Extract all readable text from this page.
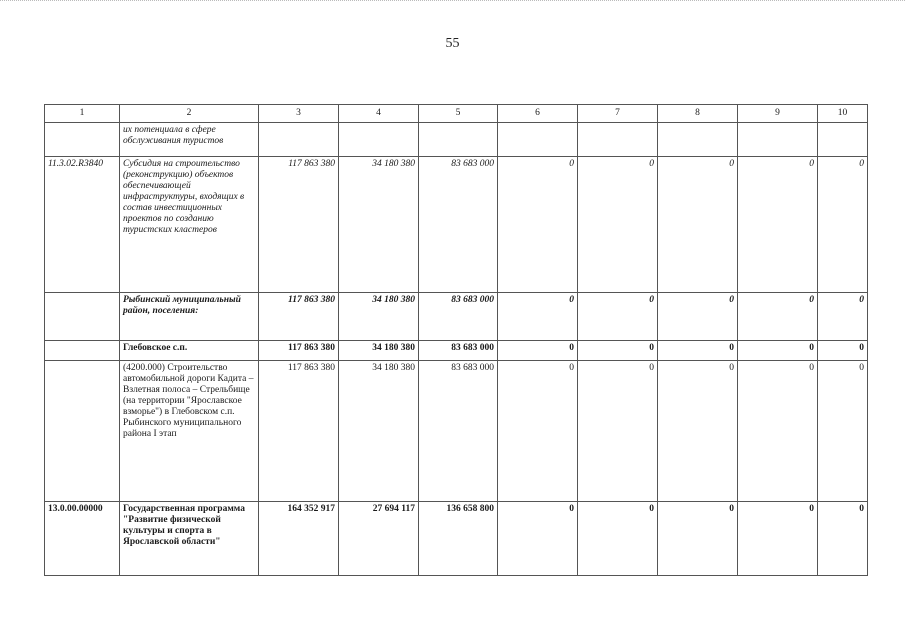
55
1	2	3	4	5	6	7	8	9	10
	их потенциала в сфере обслуживания туристов								
11.3.02.R3840	Субсидия на строительство (реконструкцию) объектов обеспечивающей инфраструктуры, входящих в состав инвестиционных проектов по созданию туристских кластеров	117 863 380	34 180 380	83 683 000	0	0	0	0	0
	Рыбинский муниципальный район, поселения:	117 863 380	34 180 380	83 683 000	0	0	0	0	0
	Глебовское с.п.	117 863 380	34 180 380	83 683 000	0	0	0	0	0
	(4200.000) Строительство автомобильной дороги Кадита – Взлетная полоса – Стрельбище (на территории "Ярославское взморье") в Глебовском с.п. Рыбинского муниципального района I этап	117 863 380	34 180 380	83 683 000	0	0	0	0	0
13.0.00.00000	Государственная программа "Развитие физической культуры и спорта в Ярославской области"	164 352 917	27 694 117	136 658 800	0	0	0	0	0
